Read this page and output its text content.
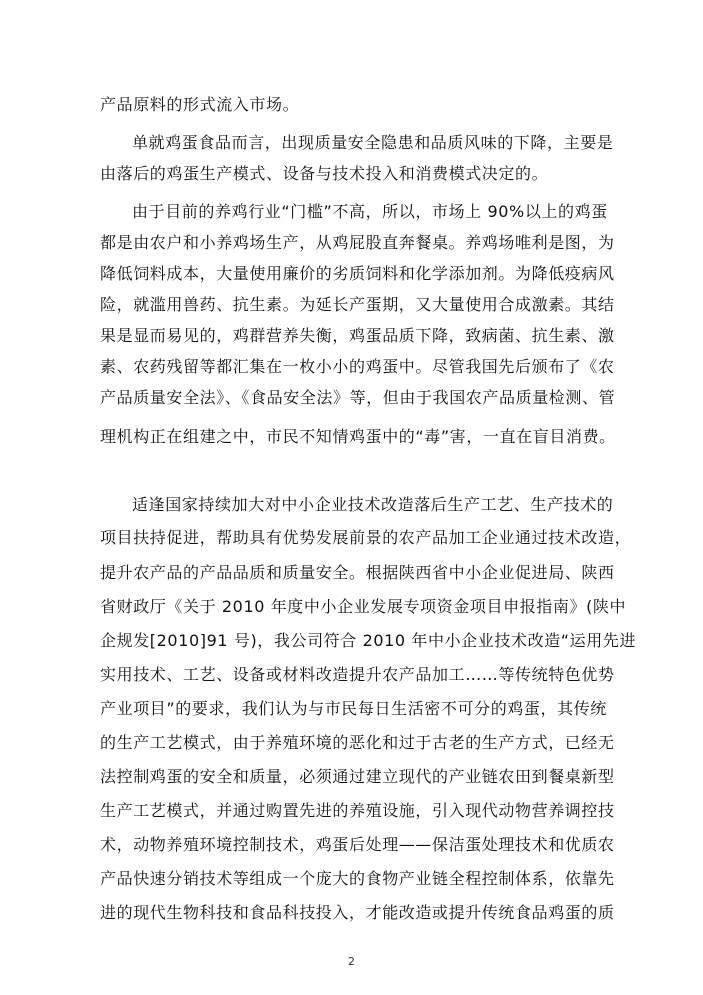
产品原料的形式流入市场。
单就鸡蛋食品而言，出现质量安全隐患和品质风味的下降，主要是
由落后的鸡蛋生产模式、设备与技术投入和消费模式决定的。
由于目前的养鸡行业“门槛”不高，所以，市场上 90%以上的鸡蛋
都是由农户和小养鸡场生产，从鸡屁股直奔餐桌。养鸡场唯利是图，为
降低饲料成本，大量使用廉价的劣质饲料和化学添加剂。为降低疫病风
险，就滥用兽药、抗生素。为延长产蛋期，又大量使用合成激素。其结
果是显而易见的，鸡群营养失衡，鸡蛋品质下降，致病菌、抗生素、激
素、农药残留等都汇集在一枚小小的鸡蛋中。尽管我国先后颁布了《农
产品质量安全法》、《食品安全法》等，但由于我国农产品质量检测、管
理机构正在组建之中，市民不知情鸡蛋中的“毒”害，一直在盲目消费。
适逢国家持续加大对中小企业技术改造落后生产工艺、生产技术的
项目扶持促进，帮助具有优势发展前景的农产品加工企业通过技术改造，
提升农产品的产品品质和质量安全。根据陕西省中小企业促进局、陕西
省财政厅《关于 2010 年度中小企业发展专项资金项目申报指南》(陕中
企规发[2010]91 号)，我公司符合 2010 年中小企业技术改造“运用先进
实用技术、工艺、设备或材料改造提升农产品加工……等传统特色优势
产业项目”的要求，我们认为与市民每日生活密不可分的鸡蛋，其传统
的生产工艺模式，由于养殖环境的恶化和过于古老的生产方式，已经无
法控制鸡蛋的安全和质量，必须通过建立现代的产业链农田到餐桌新型
生产工艺模式，并通过购置先进的养殖设施，引入现代动物营养调控技
术，动物养殖环境控制技术，鸡蛋后处理——保洁蛋处理技术和优质农
产品快速分销技术等组成一个庞大的食物产业链全程控制体系，依靠先
进的现代生物科技和食品科技投入，才能改造或提升传统食品鸡蛋的质
2
